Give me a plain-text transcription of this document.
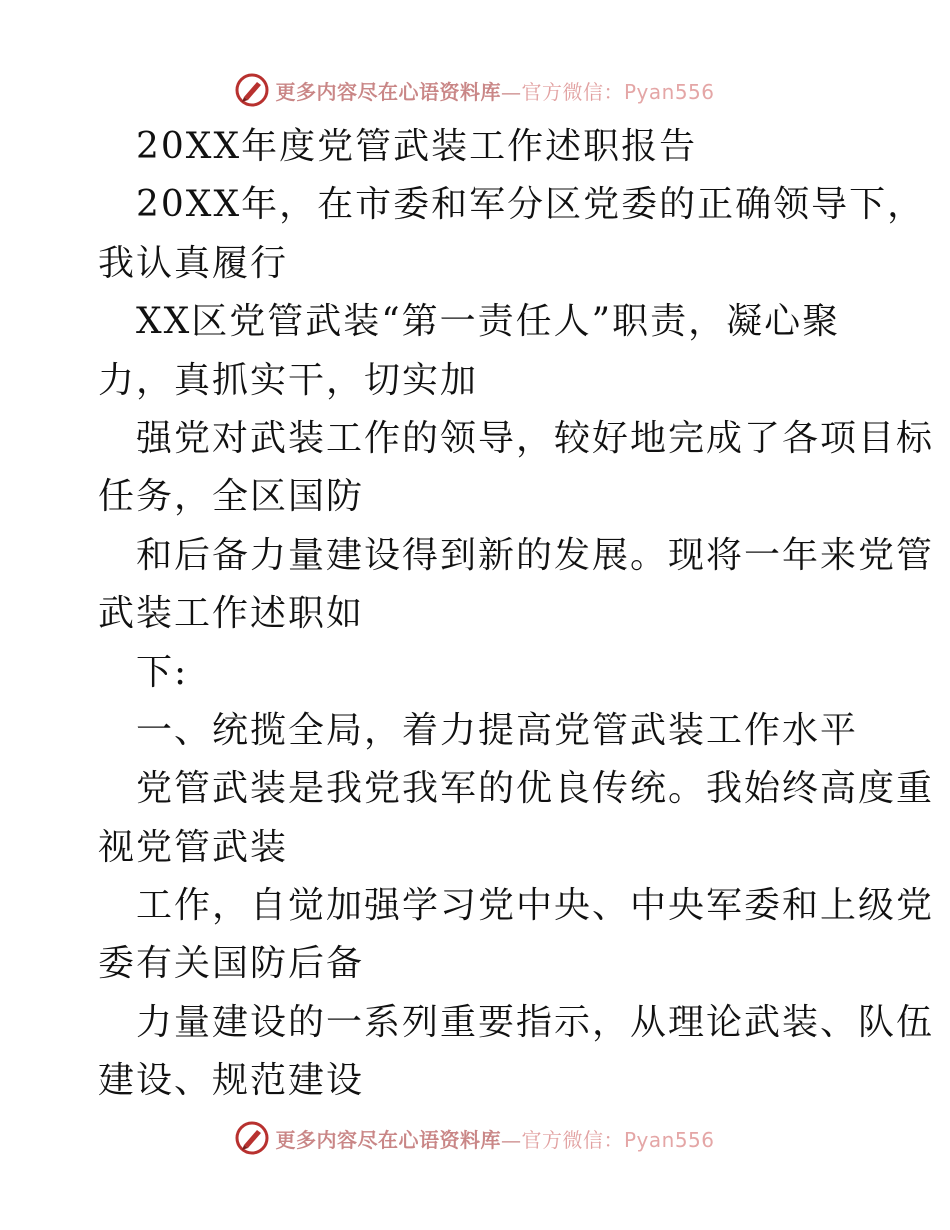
更多内容尽在心语资料库—官方微信：Pyan556
20XX年度党管武装工作述职报告
20XX年，在市委和军分区党委的正确领导下，
我认真履行
XX区党管武装“第一责任人”职责，凝心聚
力，真抓实干，切实加
强党对武装工作的领导，较好地完成了各项目标
任务，全区国防
和后备力量建设得到新的发展。现将一年来党管
武装工作述职如
下:
一、统揽全局，着力提高党管武装工作水平
党管武装是我党我军的优良传统。我始终高度重
视党管武装
工作，自觉加强学习党中央、中央军委和上级党
委有关国防后备
力量建设的一系列重要指示，从理论武装、队伍
建设、规范建设
更多内容尽在心语资料库—官方微信：Pyan556
